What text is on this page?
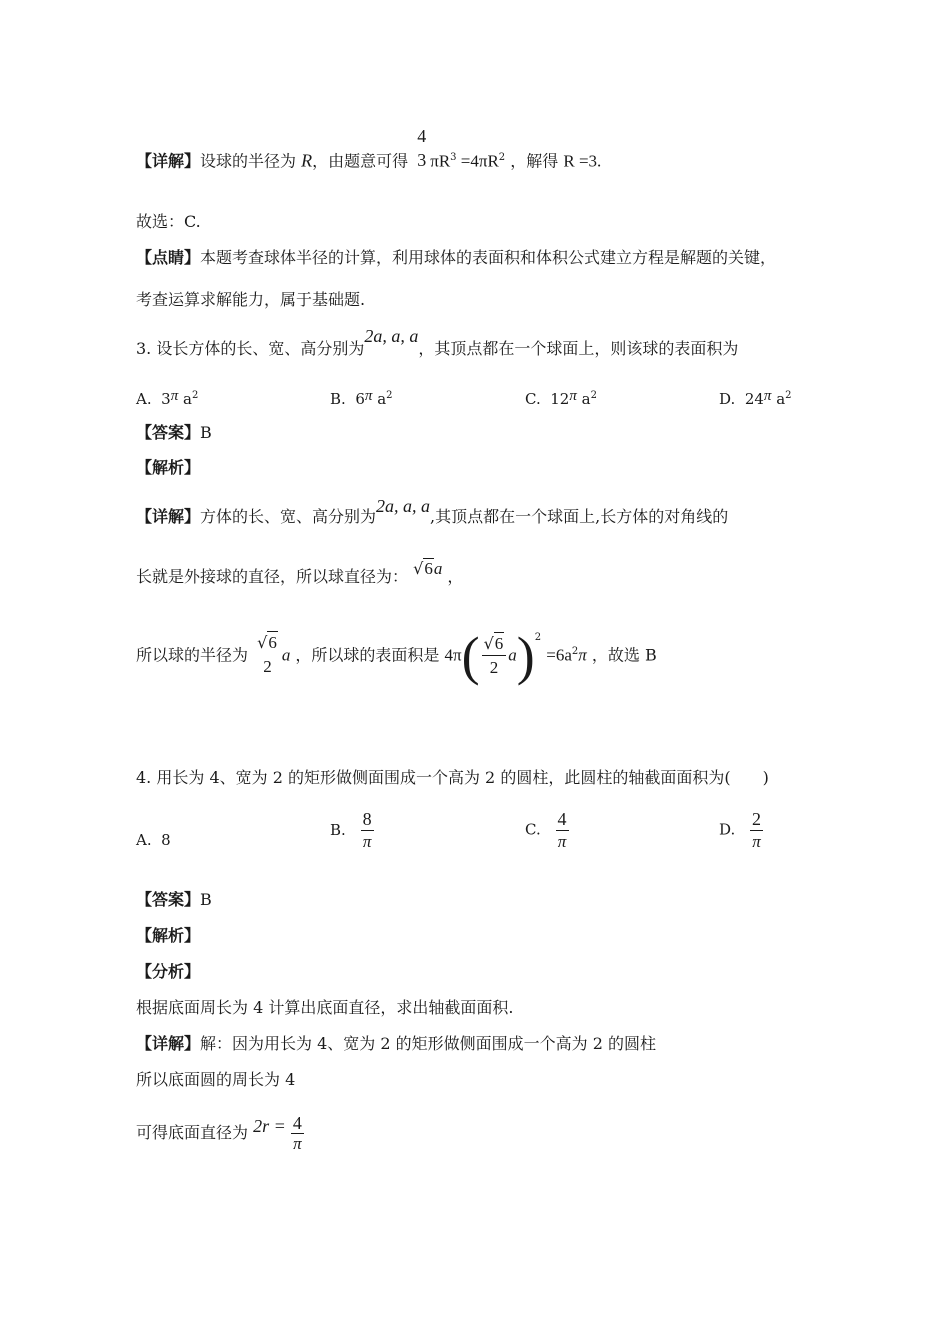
【详解】设球的半径为 R，由题意可得
4
3 $\pi R^3 =4\pi R^2$ ，解得 R =3.
故选：C.
【点睛】本题考查球体半径的计算，利用球体的表面积和体积公式建立方程是解题的关键，
考查运算求解能力，属于基础题.
3. 设长方体的长、宽、高分别为2a, a, a，其顶点都在一个球面上，则该球的表面积为
A. 3π $a^2$	B. 6π $a^2$	C. 12π $a^2$	D. 24π $a^2$
【答案】B
【解析】
【详解】方体的长、宽、高分别为2a, a, a,其顶点都在一个球面上,长方体的对角线的
长就是外接球的直径，所以球直径为： √6a ，
所以球的半径为
√6
2
a ，所以球的表面积是 $4\pi( \frac{√6}{2} a)^2 =6a^2\pi$ ，故选 B
4. 用长为 4、宽为 2 的矩形做侧面围成一个高为 2 的圆柱，此圆柱的轴截面面积为(　　)
A. 8
B. $\frac{8}{\pi}$	C. $\frac{4}{\pi}$	D. $\frac{2}{\pi}$
【答案】B
【解析】
【分析】
根据底面周长为 4 计算出底面直径，求出轴截面面积.
【详解】解：因为用长为 4、宽为 2 的矩形做侧面围成一个高为 2 的圆柱
所以底面圆的周长为 4
可得底面直径为 $2r = \frac{4}{\pi}$
